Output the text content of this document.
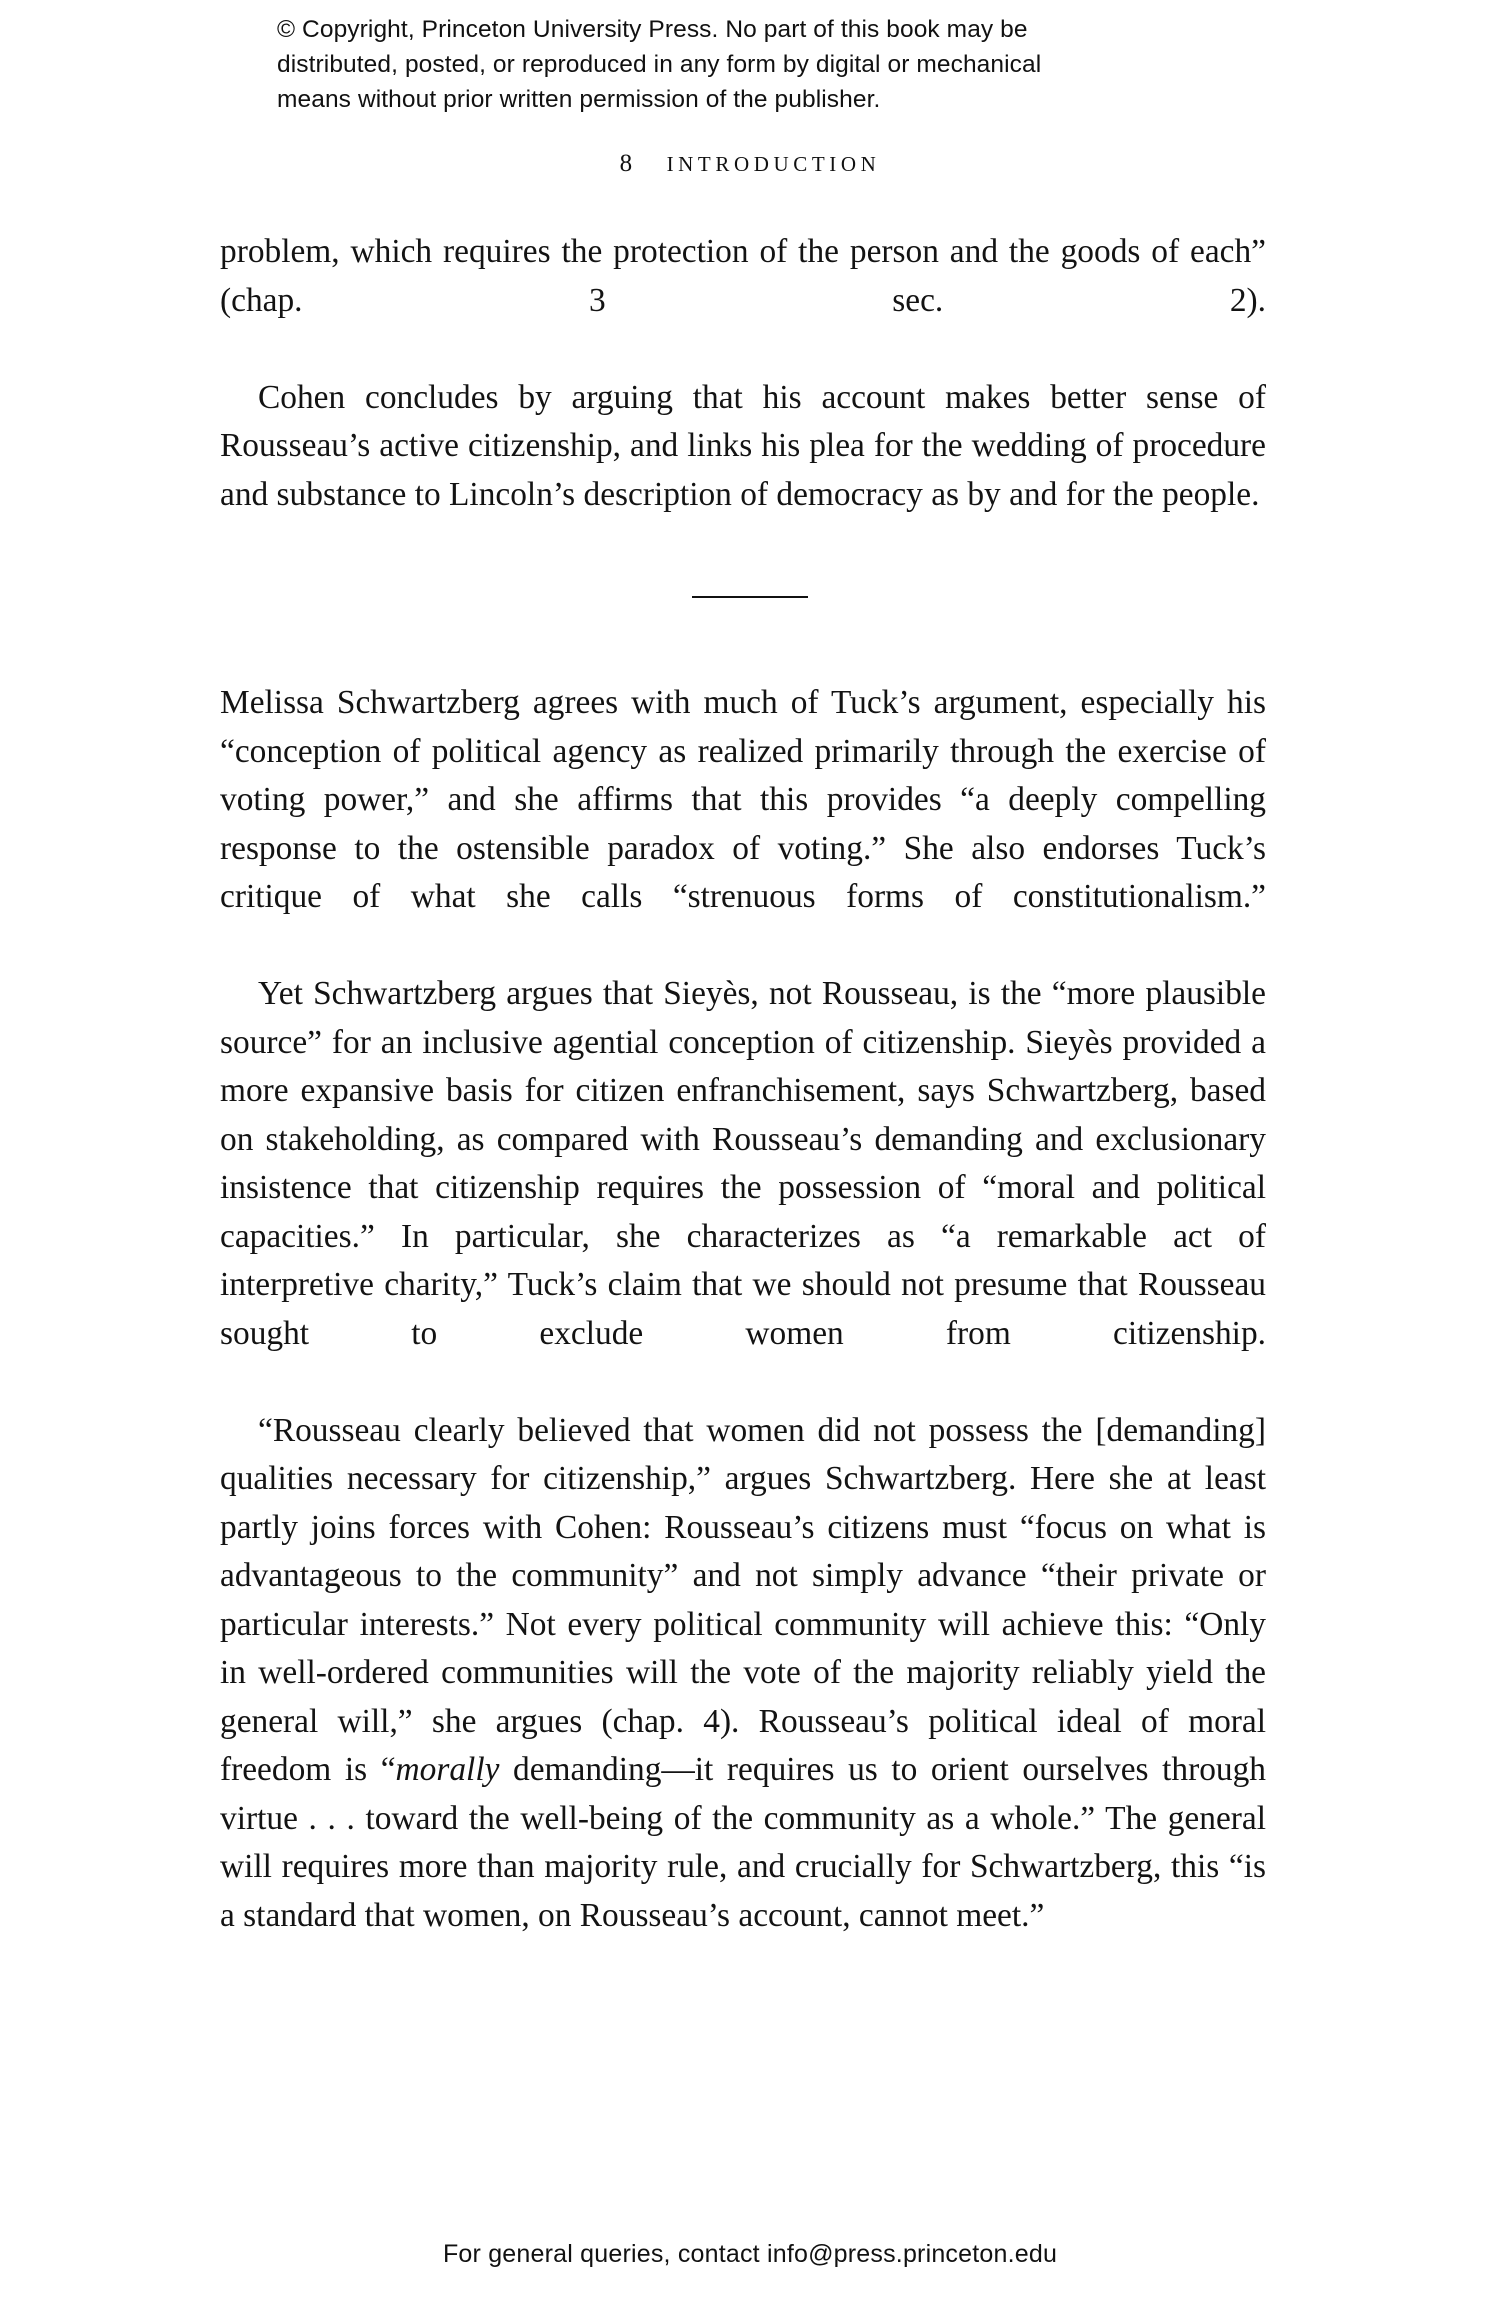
© Copyright, Princeton University Press. No part of this book may be
distributed, posted, or reproduced in any form by digital or mechanical
means without prior written permission of the publisher.
8 INTRODUCTION

problem, which requires the protection of the person and the goods of each” (chap. 3 sec. 2).

Cohen concludes by arguing that his account makes better sense of Rousseau’s active citizenship, and links his plea for the wedding of procedure and substance to Lincoln’s description of democracy as by and for the people.

Melissa Schwartzberg agrees with much of Tuck’s argument, especially his “conception of political agency as realized primarily through the exercise of voting power,” and she affirms that this provides “a deeply compelling response to the ostensible paradox of voting.” She also endorses Tuck’s critique of what she calls “strenuous forms of constitutionalism.”

Yet Schwartzberg argues that Sieyès, not Rousseau, is the “more plausible source” for an inclusive agential conception of citizenship. Sieyès provided a more expansive basis for citizen enfranchisement, says Schwartzberg, based on stakeholding, as compared with Rousseau’s demanding and exclusionary insistence that citizenship requires the possession of “moral and political capacities.” In particular, she characterizes as “a remarkable act of interpretive charity,” Tuck’s claim that we should not presume that Rousseau sought to exclude women from citizenship.

“Rousseau clearly believed that women did not possess the [demanding] qualities necessary for citizenship,” argues Schwartzberg. Here she at least partly joins forces with Cohen: Rousseau’s citizens must “focus on what is advantageous to the community” and not simply advance “their private or particular interests.” Not every political community will achieve this: “Only in well-ordered communities will the vote of the majority reliably yield the general will,” she argues (chap. 4). Rousseau’s political ideal of moral freedom is “morally demanding—it requires us to orient ourselves through virtue . . . toward the well-being of the community as a whole.” The general will requires more than majority rule, and crucially for Schwartzberg, this “is a standard that women, on Rousseau’s account, cannot meet.”

For general queries, contact info@press.princeton.edu
